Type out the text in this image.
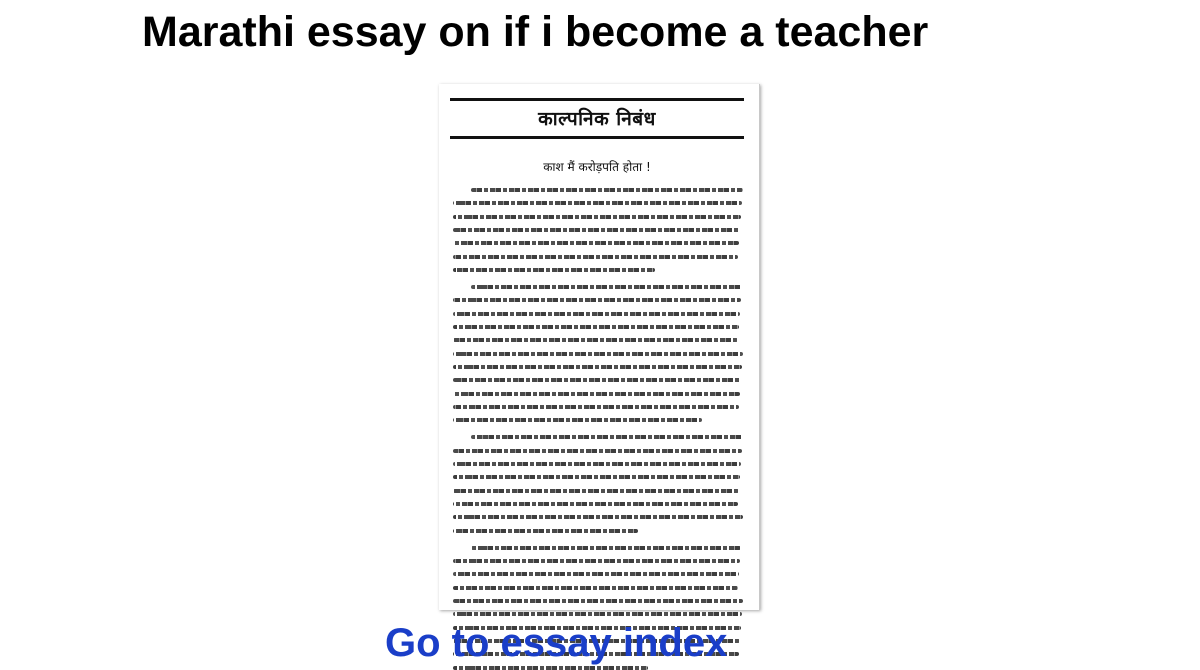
Marathi essay on if i become a teacher
काल्पनिक निबंध
काश मैं करोड़पति होता !
Go to essay index
